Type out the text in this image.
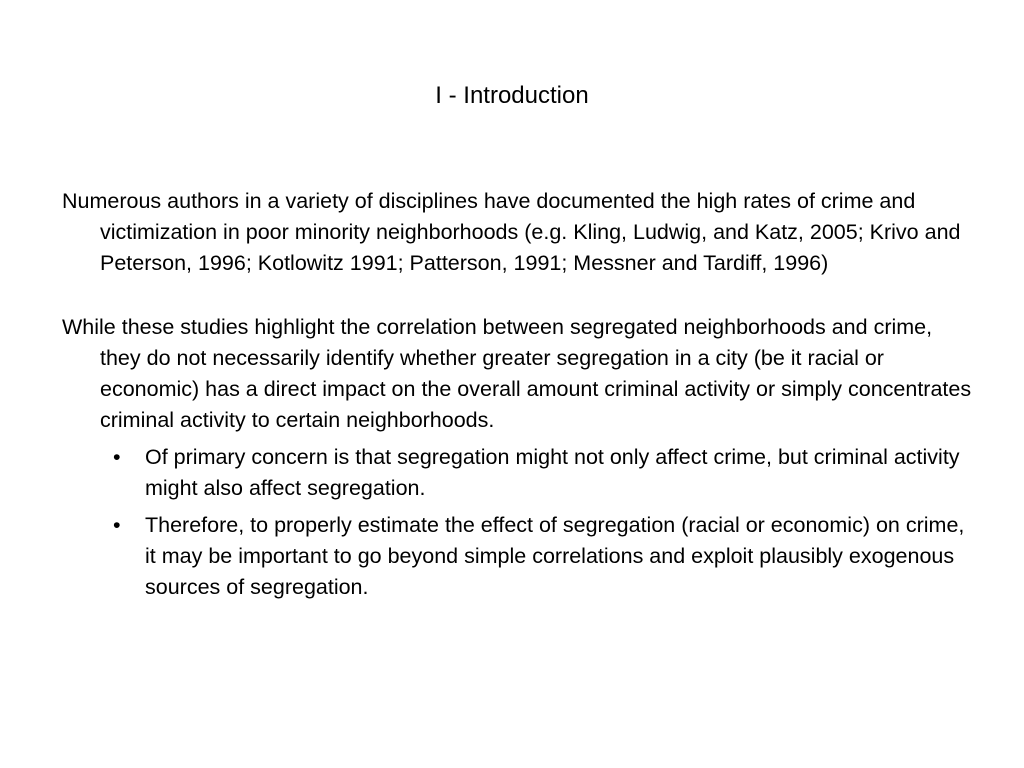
I - Introduction

Numerous authors in a variety of disciplines have documented the high rates of crime and victimization in poor minority neighborhoods (e.g. Kling, Ludwig, and Katz, 2005; Krivo and Peterson, 1996; Kotlowitz 1991; Patterson, 1991; Messner and Tardiff, 1996)

While these studies highlight the correlation between segregated neighborhoods and crime, they do not necessarily identify whether greater segregation in a city (be it racial or economic) has a direct impact on the overall amount criminal activity or simply concentrates criminal activity to certain neighborhoods.

• Of primary concern is that segregation might not only affect crime, but criminal activity might also affect segregation.
• Therefore, to properly estimate the effect of segregation (racial or economic) on crime, it may be important to go beyond simple correlations and exploit plausibly exogenous sources of segregation.
